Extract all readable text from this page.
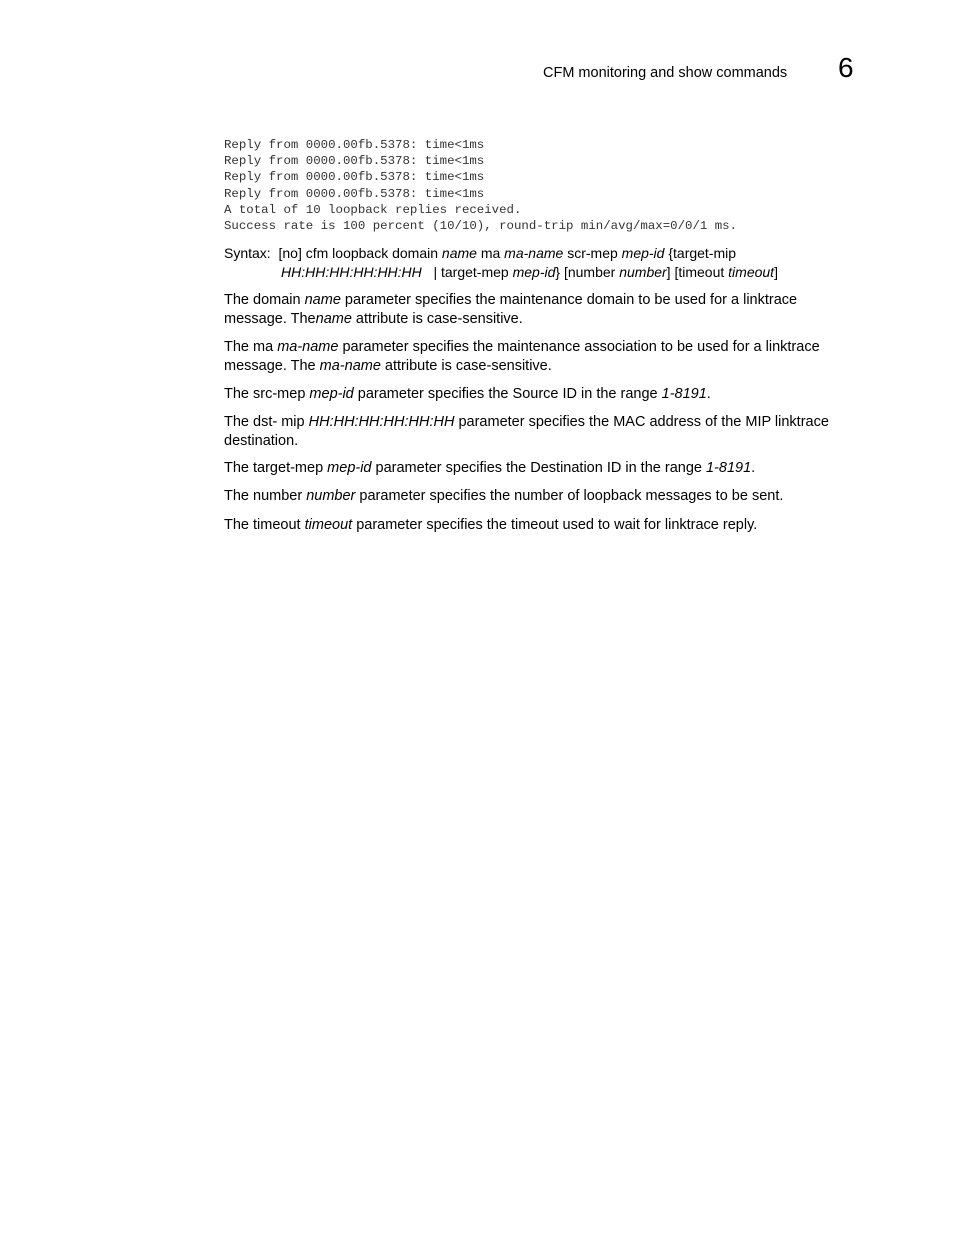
CFM monitoring and show commands 6
Reply from 0000.00fb.5378: time<1ms
Reply from 0000.00fb.5378: time<1ms
Reply from 0000.00fb.5378: time<1ms
Reply from 0000.00fb.5378: time<1ms
A total of 10 loopback replies received.
Success rate is 100 percent (10/10), round-trip min/avg/max=0/0/1 ms.
Syntax: [no] cfm loopback domain name ma ma-name scr-mep mep-id {target-mip
HH:HH:HH:HH:HH:HH | target-mep mep-id} [number number] [timeout timeout]

The domain name parameter specifies the maintenance domain to be used for a linktrace message. Thename attribute is case-sensitive.

The ma ma-name parameter specifies the maintenance association to be used for a linktrace message. The ma-name attribute is case-sensitive.

The src-mep mep-id parameter specifies the Source ID in the range 1-8191.

The dst- mip HH:HH:HH:HH:HH:HH parameter specifies the MAC address of the MIP linktrace destination.

The target-mep mep-id parameter specifies the Destination ID in the range 1-8191.

The number number parameter specifies the number of loopback messages to be sent.

The timeout timeout parameter specifies the timeout used to wait for linktrace reply.
